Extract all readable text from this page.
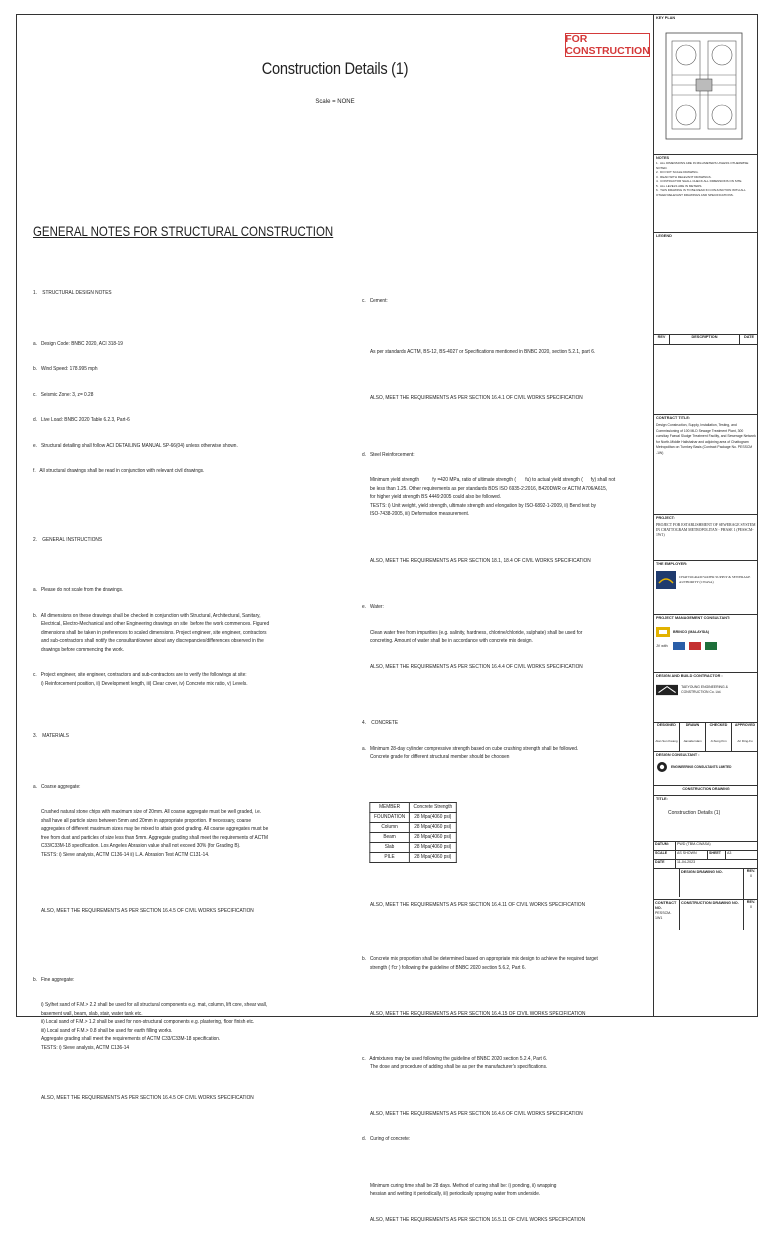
FOR CONSTRUCTION
Construction Details (1)
Scale = NONE
GENERAL NOTES FOR STRUCTURAL CONSTRUCTION

1.    STRUCTURAL DESIGN NOTES

a.   Design Code: BNBC 2020, ACI 318-19

b.   Wind Speed: 178.995 mph

c.   Seismic Zone: 3, z= 0.28

d.   Live Load: BNBC 2020 Table 6.2.3, Part-6

e.   Structural detailing shall follow ACI DETAILING MANUAL SP-66(04) unless otherwise shown.

f.   All structural drawings shall be read in conjunction with relevant civil drawings.

2.    GENERAL INSTRUCTIONS

a.   Please do not scale from the drawings.

b.   All dimensions on these drawings shall be checked in conjunction with Structural, Architectural, Sanitary,
Electrical, Electro-Mechanical and other Engineering drawings on site  before the work commences. Figured
dimensions shall be taken in preferences to scaled dimensions. Project engineer, site engineer, contractors
and sub-contractors shall notify the consultant/owner about any discrepancies/differences observed in the
drawings before commencing the work.

c.   Project engineer, site engineer, contractors and sub-contractors are to verify the followings at site:
i) Reinforcement position, ii) Development length, iii) Clear cover, iv) Concrete mix ratio, v) Levels.

3.    MATERIALS

a.   Coarse aggregate:

Crushed natural stone chips with maximum size of 20mm. All coarse aggregate must be well graded, i.e.
shall have all particle sizes between 5mm and 20mm in appropriate proportion. If necessary, coarse
aggregates of different maximum sizes may be mixed to attain good grading. All coarse aggregates must be
free from dust and particles of size less than 5mm. Aggregate grading shall meet the requirements of ACTM
C33/C33M-18 specification. Los Angeles Abrasion value shall not exceed 30% (for Grading B).
TESTS: i) Sieve analysis, ACTM C136-14 ii) L.A. Abrasion Test ACTM C131-14.

ALSO, MEET THE REQUIREMENTS AS PER SECTION 16.4.5 OF CIVIL WORKS SPECIFICATION

b.   Fine aggregate:

i) Sylhet sand of F.M.> 2.2 shall be used for all structural components e.g. mat, column, lift core, shear wall,
basement wall, beam, slab, stair, water tank etc.
ii) Local sand of F.M.> 1.2 shall be used for non-structural components e.g. plastering, floor finish etc.
iii) Local sand of F.M.> 0.8 shall be used for earth filling works.
Aggregate grading shall meet the requirements of ACTM C33/C33M-18 specification.
TESTS: i) Sieve analysis, ACTM C136-14

ALSO, MEET THE REQUIREMENTS AS PER SECTION 16.4.5 OF CIVIL WORKS SPECIFICATION

c.   Cement:

As per standards ACTM, BS-12, BS-4027 or Specifications mentioned in BNBC 2020, section 5.2.1, part 6.

ALSO, MEET THE REQUIREMENTS AS PER SECTION 16.4.1 OF CIVIL WORKS SPECIFICATION

d.   Steel Reinforcement:

Minimum yield strength          fy =420 MPa, ratio of ultimate strength (       fu) to actual yield strength (      fy) shall not
be less than 1.25. Other requirements as per standards BDS ISO 6935-2:2016, B420DWR or ACTM A706/A615,
for higher yield strength BS 4449:2005 could also be followed.
TESTS: i) Unit weight, yield strength, ultimate strength and elongation by ISO-6892-1-2009, ii) Bend test by
ISO-7438-2005, iii) Deformation measurement.

ALSO, MEET THE REQUIREMENTS AS PER SECTION 18.1, 18.4 OF CIVIL WORKS SPECIFICATION

e.   Water:

Clean water free from impurities (e.g. salinity, hardness, chlorine/chloride, sulphate) shall be used for
concreting. Amount of water shall be in accordance with concrete mix design.

ALSO, MEET THE REQUIREMENTS AS PER SECTION 16.4.4 OF CIVIL WORKS SPECIFICATION

4.    CONCRETE

a.   Minimum 28-day cylinder compressive strength based on cube crushing strength shall be followed.
Concrete grade for different structural member should be choosen

MEMBER	Concrete Strength
FOUNDATION	28 Mpa(4060 psi)
Column	28 Mpa(4060 psi)
Beam	28 Mpa(4060 psi)
Slab	28 Mpa(4060 psi)
PILE	28 Mpa(4060 psi)

ALSO, MEET THE REQUIREMENTS AS PER SECTION 16.4.11 OF CIVIL WORKS SPECIFICATION

b.   Concrete mix proportion shall be determined based on appropriate mix design to achieve the required target
strength ( f'cr ) following the guideline of BNBC 2020 section 5.6.2, Part 6.

ALSO, MEET THE REQUIREMENTS AS PER SECTION 16.4.15 OF CIVIL WORKS SPECIFICATION

c.   Admixtures may be used following the guideline of BNBC 2020 section 5.2.4, Part 6.
The dose and procedure of adding shall be as per the manufacturer's specifications.

ALSO, MEET THE REQUIREMENTS AS PER SECTION 16.4.6 OF CIVIL WORKS SPECIFICATION

d.   Curing of concrete:

Minimum curing time shall be 28 days. Method of curing shall be: i) ponding, ii) wrapping
hessian and wetting it periodically, iii) periodically spraying water from underside.

ALSO, MEET THE REQUIREMENTS AS PER SECTION 16.5.11 OF CIVIL WORKS SPECIFICATION

KEY PLAN
NOTES
1.  ALL DIMENSIONS ARE IN MILLIMETERS UNLESS OTHERWISE NOTED.
2.  DO NOT SCALE DRAWING.
3.  READ WITH RELEVANT DRAWINGS.
4.  CONTRACTOR SHALL CHECK ALL DIMENSIONS ON SITE.
5.  ALL LEVELS ARE IN METERS.
6.  THIS DRAWING IS TO BE READ IN CONJUNCTION WITH ALL OTHER RELEVANT DRAWINGS AND SPECIFICATIONS.
LEGEND
REV	DESCRIPTION	DATE
CONTRACT TITLE:
Design Construction, Supply, Installation, Testing, and Commissioning of 100 MLD Sewage Treatment Plant, 300 cum/day Faecal Sludge Treatment Facility, and Sewerage Network for North-Middle Halishahar and adjoining area of Chattogram Metropolitan on Turnkey Basis (Contract Package No. PESSCM -1W)
PROJECT:
PROJECT FOR ESTABLISHMENT OF SEWERAGE SYSTEM IN CHATTOGRAM METROPOLITAN - PHASE 1 (PESSCM-1W1)
THE EMPLOYER:
CHATTOGRAM WATER SUPPLY & SEWERAGE AUTHORITY (CWASA)
PROJECT MANAGEMENT CONSULTANT:
BRINCO (MALAYSIA)
JV with
DESIGN AND BUILD CONTRACTOR :
TAEYOUNG ENGINEERING & CONSTRUCTION Co. Ltd.
DESIGNED	DRAWN	CHECKED	APPROVED
Alan Sun Kwang	Jamaila Islam	Ji-Sung Kim	Ari Ding-Fu
DESIGN CONSULTANT :
ENGINEERING CONSULTANTS LIMITED
CONSTRUCTION DRAWING
TITLE:
Construction Details (1)
DATUM:	PWD (TBM-CWASA)
SCALE	AS SHOWN	SHEET	A3
DATE	11-04-2023
DESIGN DRAWING NO.	REV.
0
CONTRACT NO.
PESSCM-1W1
CONSTRUCTION DRAWING NO.	REV.
0
